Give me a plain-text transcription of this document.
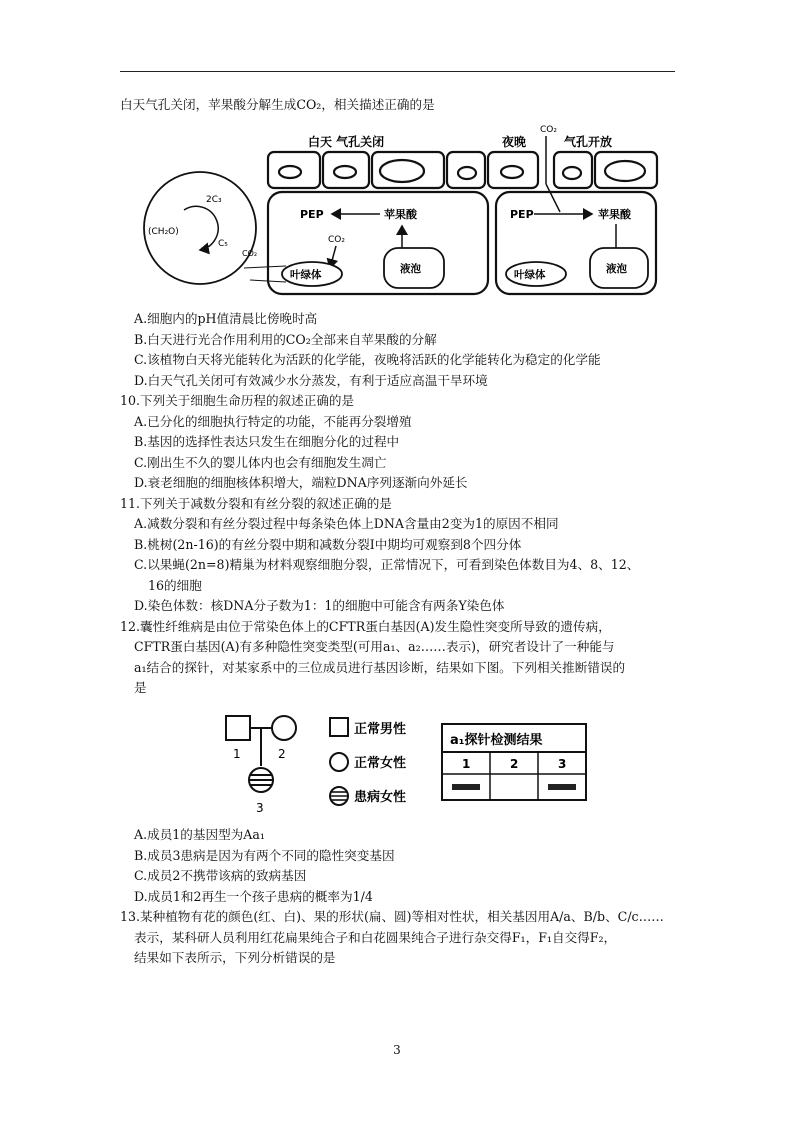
白天气孔关闭，苹果酸分解生成CO₂，相关描述正确的是
白天 气孔关闭
PEP	苹果酸
CO₂
叶绿体	液泡
2C₃
C₅
(CH₂O)
CO₂
夜晚
CO₂
气孔开放
PEP	苹果酸
叶绿体	液泡
A.细胞内的pH值清晨比傍晚时高
B.白天进行光合作用利用的CO₂全部来自苹果酸的分解
C.该植物白天将光能转化为活跃的化学能，夜晚将活跃的化学能转化为稳定的化学能
D.白天气孔关闭可有效减少水分蒸发，有利于适应高温干旱环境
10.下列关于细胞生命历程的叙述正确的是
A.已分化的细胞执行特定的功能，不能再分裂增殖
B.基因的选择性表达只发生在细胞分化的过程中
C.刚出生不久的婴儿体内也会有细胞发生凋亡
D.衰老细胞的细胞核体积增大，端粒DNA序列逐渐向外延长
11.下列关于减数分裂和有丝分裂的叙述正确的是
A.减数分裂和有丝分裂过程中每条染色体上DNA含量由2变为1的原因不相同
B.桃树(2n-16)的有丝分裂中期和减数分裂I中期均可观察到8个四分体
C.以果蝇(2n=8)精巢为材料观察细胞分裂，正常情况下，可看到染色体数目为4、8、12、
16的细胞
D.染色体数：核DNA分子数为1：1的细胞中可能含有两条Y染色体
12.囊性纤维病是由位于常染色体上的CFTR蛋白基因(A)发生隐性突变所导致的遗传病，
CFTR蛋白基因(A)有多种隐性突变类型(可用a₁、a₂……表示)，研究者设计了一种能与
a₁结合的探针，对某家系中的三位成员进行基因诊断，结果如下图。下列相关推断错误的
是
1	2
3
正常男性
正常女性
患病女性
a₁探针检测结果
1	2	3
A.成员1的基因型为Aa₁
B.成员3患病是因为有两个不同的隐性突变基因
C.成员2不携带该病的致病基因
D.成员1和2再生一个孩子患病的概率为1/4
13.某种植物有花的颜色(红、白)、果的形状(扁、圆)等相对性状，相关基因用A/a、B/b、C/c……
表示，某科研人员利用红花扁果纯合子和白花圆果纯合子进行杂交得F₁，F₁自交得F₂，
结果如下表所示，下列分析错误的是
3
